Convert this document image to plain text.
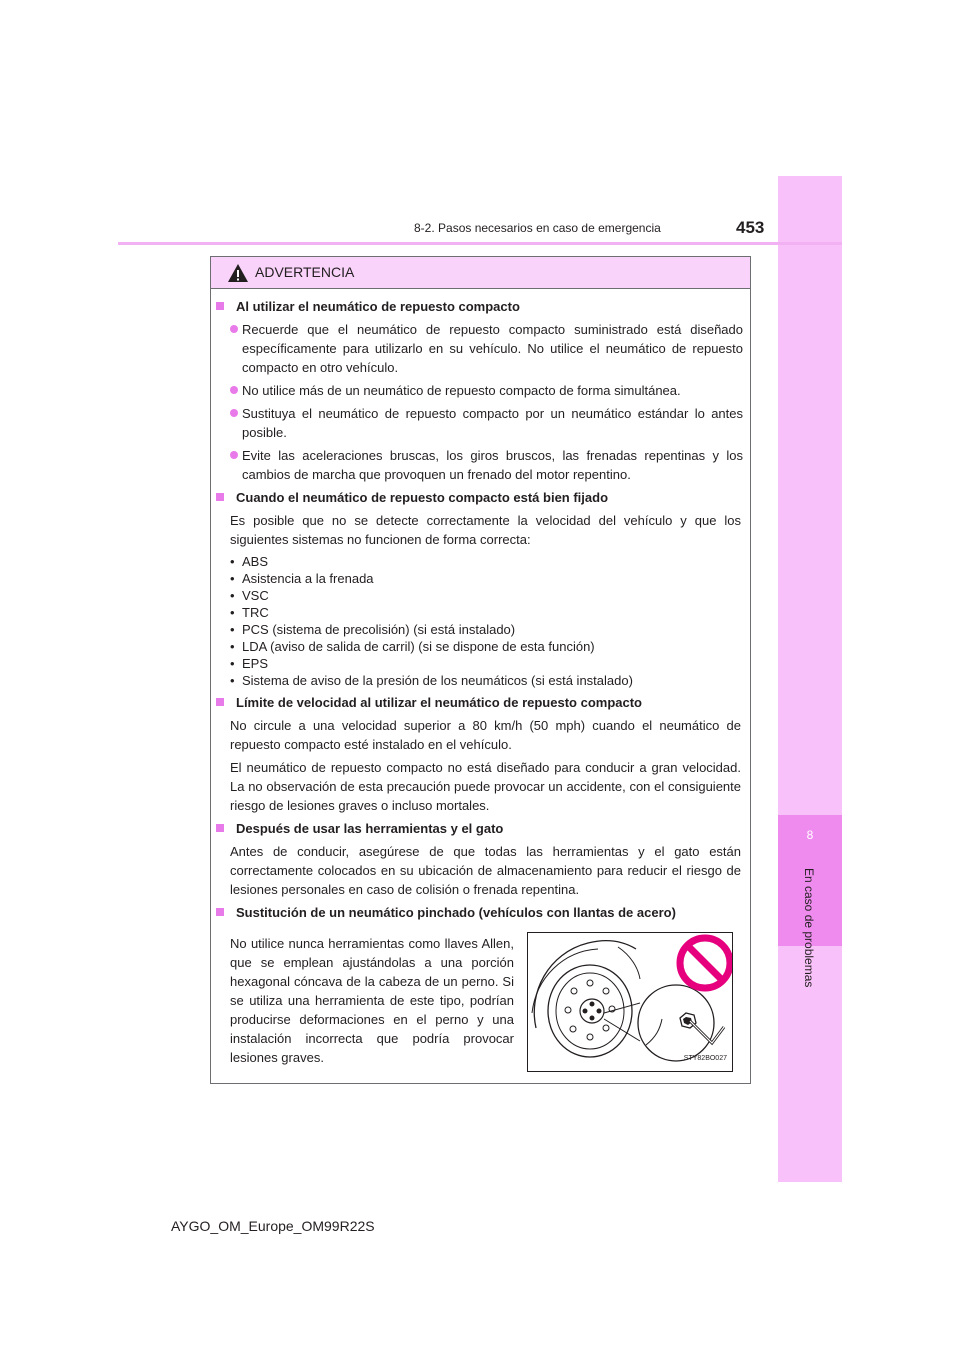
8
En caso de problemas
8-2. Pasos necesarios en caso de emergencia	453
ADVERTENCIA
Al utilizar el neumático de repuesto compacto
Recuerde que el neumático de repuesto compacto suministrado está diseñado específicamente para utilizarlo en su vehículo. No utilice el neumático de repuesto compacto en otro vehículo.
No utilice más de un neumático de repuesto compacto de forma simultánea.
Sustituya el neumático de repuesto compacto por un neumático estándar lo antes posible.
Evite las aceleraciones bruscas, los giros bruscos, las frenadas repentinas y los cambios de marcha que provoquen un frenado del motor repentino.
Cuando el neumático de repuesto compacto está bien fijado
Es posible que no se detecte correctamente la velocidad del vehículo y que los siguientes sistemas no funcionen de forma correcta:
• ABS
• Asistencia a la frenada
• VSC
• TRC
• PCS (sistema de precolisión) (si está instalado)
• LDA (aviso de salida de carril) (si se dispone de esta función)
• EPS
• Sistema de aviso de la presión de los neumáticos (si está instalado)
Límite de velocidad al utilizar el neumático de repuesto compacto
No circule a una velocidad superior a 80 km/h (50 mph) cuando el neumático de repuesto compacto esté instalado en el vehículo.
El neumático de repuesto compacto no está diseñado para conducir a gran velocidad. La no observación de esta precaución puede provocar un accidente, con el consiguiente riesgo de lesiones graves o incluso mortales.
Después de usar las herramientas y el gato
Antes de conducir, asegúrese de que todas las herramientas y el gato están correctamente colocados en su ubicación de almacenamiento para reducir el riesgo de lesiones personales en caso de colisión o frenada repentina.
Sustitución de un neumático pinchado (vehículos con llantas de acero)
No utilice nunca herramientas como llaves Allen, que se emplean ajustándolas a una porción hexagonal cóncava de la cabeza de un perno. Si se utiliza una herramienta de este tipo, podrían producirse deformaciones en el perno y una instalación incorrecta que podría provocar lesiones graves.	STY82BO027
AYGO_OM_Europe_OM99R22S
